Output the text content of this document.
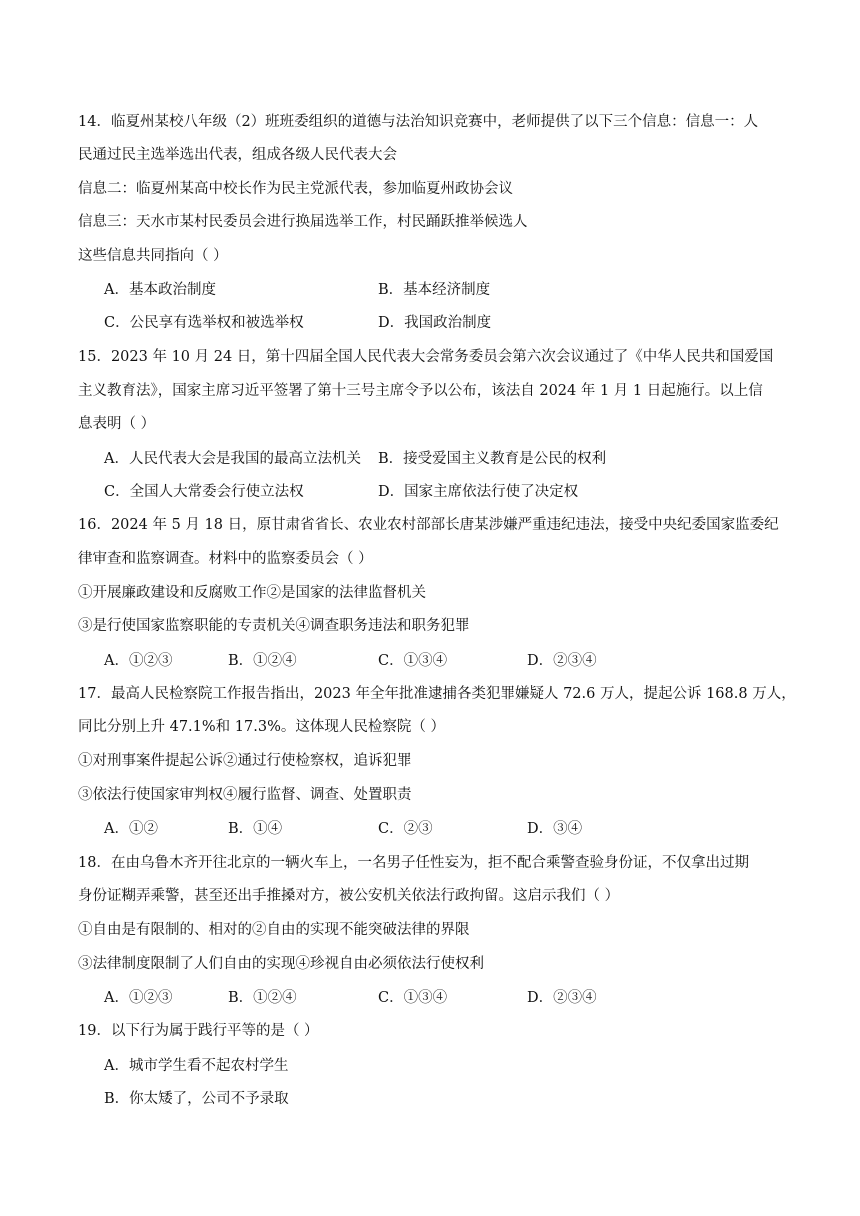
14．临夏州某校八年级（2）班班委组织的道德与法治知识竞赛中，老师提供了以下三个信息：信息一：人
民通过民主选举选出代表，组成各级人民代表大会
信息二：临夏州某高中校长作为民主党派代表，参加临夏州政协会议
信息三：天水市某村民委员会进行换届选举工作，村民踊跃推举候选人
这些信息共同指向（ ）
A．基本政治制度	B．基本经济制度
C．公民享有选举权和被选举权	D．我国政治制度
15．2023 年 10 月 24 日，第十四届全国人民代表大会常务委员会第六次会议通过了《中华人民共和国爱国
主义教育法》，国家主席习近平签署了第十三号主席令予以公布，该法自 2024 年 1 月 1 日起施行。以上信
息表明（ ）
A．人民代表大会是我国的最高立法机关 B．接受爱国主义教育是公民的权利
C．全国人大常委会行使立法权	D．国家主席依法行使了决定权
16．2024 年 5 月 18 日，原甘肃省省长、农业农村部部长唐某涉嫌严重违纪违法，接受中央纪委国家监委纪
律审查和监察调查。材料中的监察委员会（ ）
①开展廉政建设和反腐败工作②是国家的法律监督机关
③是行使国家监察职能的专责机关④调查职务违法和职务犯罪
A．①②③	B．①②④	C．①③④	D．②③④
17．最高人民检察院工作报告指出，2023 年全年批准逮捕各类犯罪嫌疑人 72.6 万人，提起公诉 168.8 万人，
同比分别上升 47.1%和 17.3%。这体现人民检察院（ ）
①对刑事案件提起公诉②通过行使检察权，追诉犯罪
③依法行使国家审判权④履行监督、调查、处置职责
A．①②	B．①④	C．②③	D．③④
18．在由乌鲁木齐开往北京的一辆火车上，一名男子任性妄为，拒不配合乘警查验身份证，不仅拿出过期
身份证糊弄乘警，甚至还出手推搡对方，被公安机关依法行政拘留。这启示我们（ ）
①自由是有限制的、相对的②自由的实现不能突破法律的界限
③法律制度限制了人们自由的实现④珍视自由必须依法行使权利
A．①②③	B．①②④	C．①③④	D．②③④
19．以下行为属于践行平等的是（ ）
A．城市学生看不起农村学生
B．你太矮了，公司不予录取
